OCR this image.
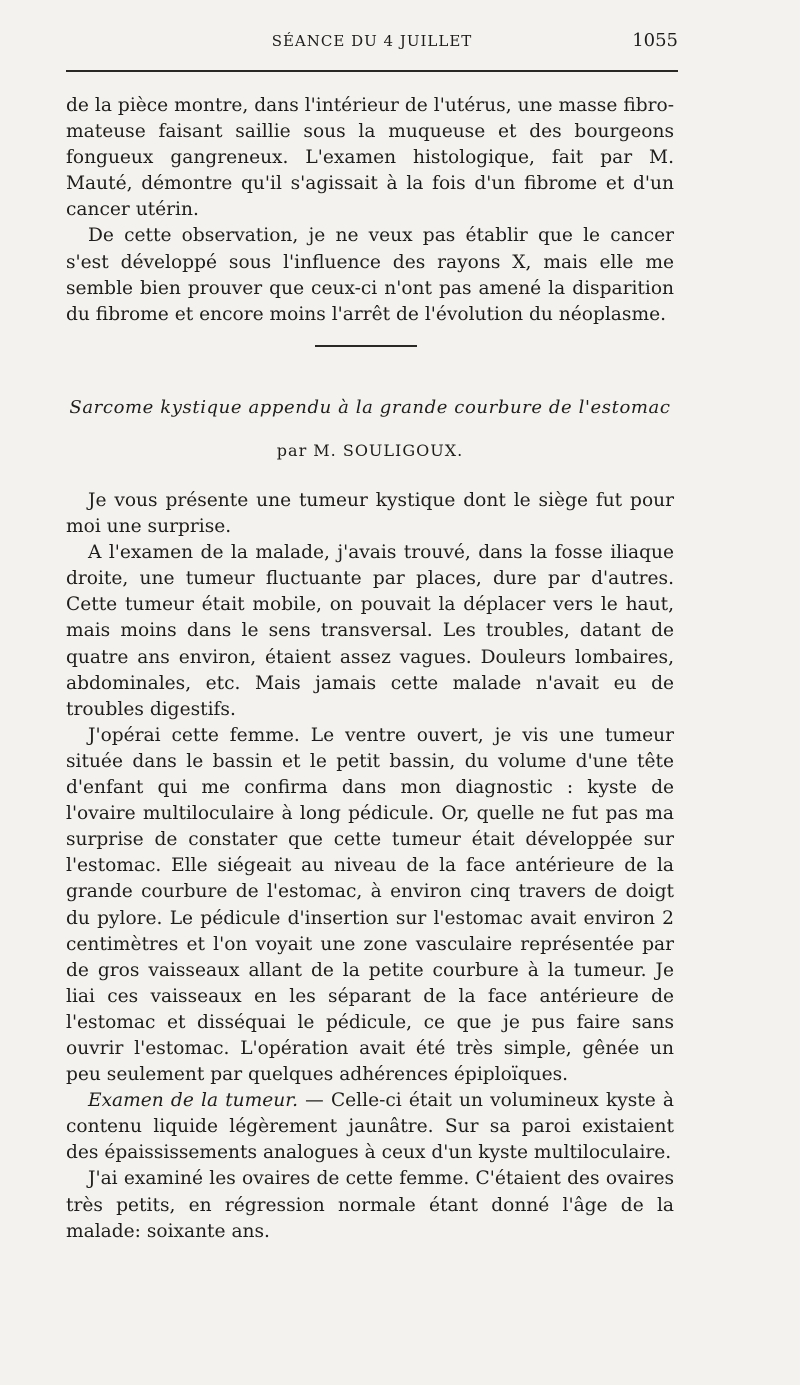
SÉANCE DU 4 JUILLET	1055

de la pièce montre, dans l'intérieur de l'utérus, une masse fibro-mateuse faisant saillie sous la muqueuse et des bourgeons fongueux gangreneux. L'examen histologique, fait par M. Mauté, démontre qu'il s'agissait à la fois d'un fibrome et d'un cancer utérin.

De cette observation, je ne veux pas établir que le cancer s'est développé sous l'influence des rayons X, mais elle me semble bien prouver que ceux-ci n'ont pas amené la disparition du fibrome et encore moins l'arrêt de l'évolution du néoplasme.

Sarcome kystique appendu à la grande courbure de l'estomac
par M. SOULIGOUX.

Je vous présente une tumeur kystique dont le siège fut pour moi une surprise.

A l'examen de la malade, j'avais trouvé, dans la fosse iliaque droite, une tumeur fluctuante par places, dure par d'autres. Cette tumeur était mobile, on pouvait la déplacer vers le haut, mais moins dans le sens transversal. Les troubles, datant de quatre ans environ, étaient assez vagues. Douleurs lombaires, abdominales, etc. Mais jamais cette malade n'avait eu de troubles digestifs.

J'opérai cette femme. Le ventre ouvert, je vis une tumeur située dans le bassin et le petit bassin, du volume d'une tête d'enfant qui me confirma dans mon diagnostic : kyste de l'ovaire multiloculaire à long pédicule. Or, quelle ne fut pas ma surprise de constater que cette tumeur était développée sur l'estomac. Elle siégeait au niveau de la face antérieure de la grande courbure de l'estomac, à environ cinq travers de doigt du pylore. Le pédicule d'insertion sur l'estomac avait environ 2 centimètres et l'on voyait une zone vasculaire représentée par de gros vaisseaux allant de la petite courbure à la tumeur. Je liai ces vaisseaux en les séparant de la face antérieure de l'estomac et disséquai le pédicule, ce que je pus faire sans ouvrir l'estomac. L'opération avait été très simple, gênée un peu seulement par quelques adhérences épiploïques.

Examen de la tumeur. — Celle-ci était un volumineux kyste à contenu liquide légèrement jaunâtre. Sur sa paroi existaient des épaississements analogues à ceux d'un kyste multiloculaire.

J'ai examiné les ovaires de cette femme. C'étaient des ovaires très petits, en régression normale étant donné l'âge de la malade: soixante ans.
